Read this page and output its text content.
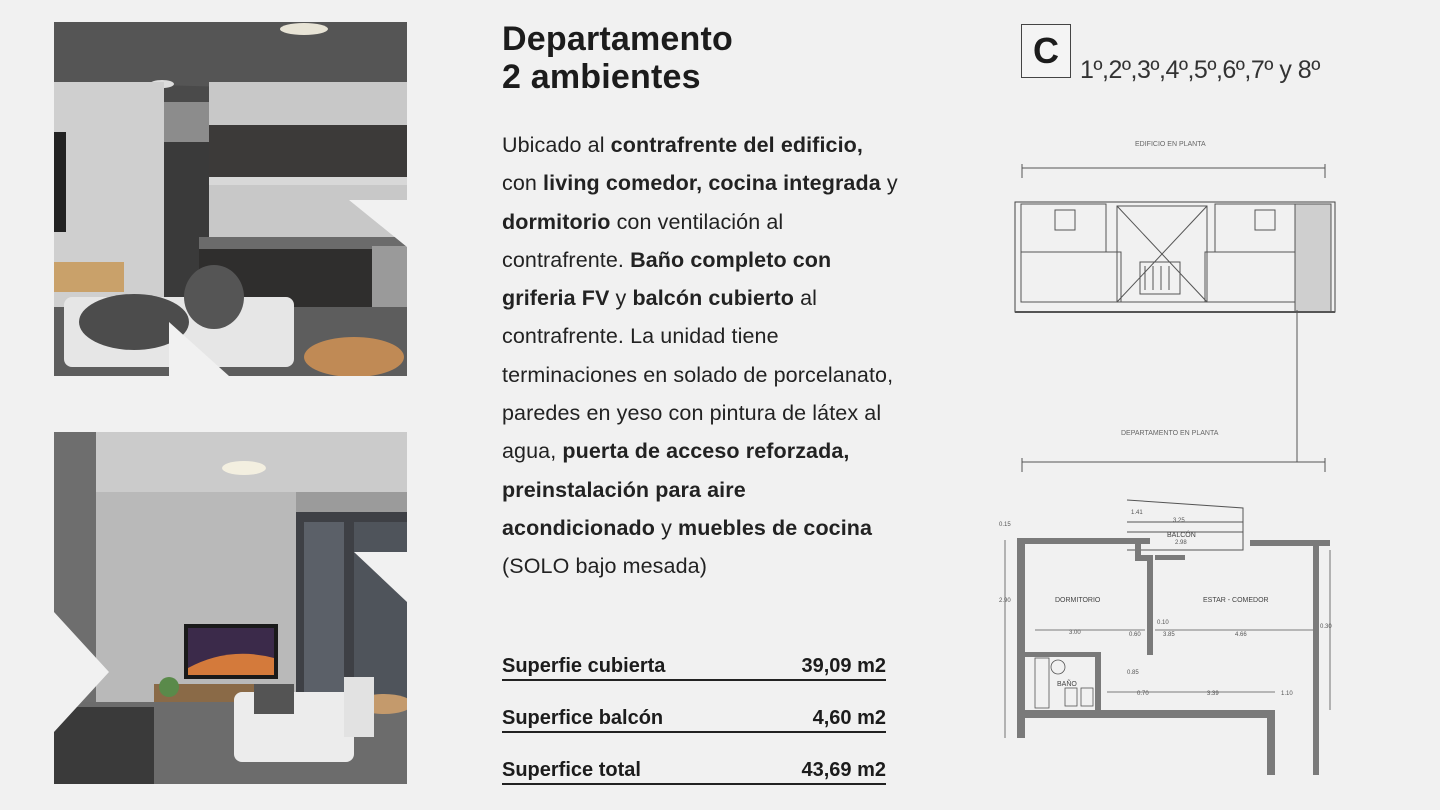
Departamento
2 ambientes
Ubicado al contrafrente del edificio, con living comedor, cocina integrada y dormitorio con ventilación al contrafrente. Baño completo con griferia FV y balcón cubierto al contrafrente. La unidad tiene terminaciones en solado de porcelanato, paredes en yeso con pintura de látex al agua, puerta de acceso reforzada, preinstalación para aire acondicionado y muebles de cocina (SOLO bajo mesada)
Superfie cubierta	39,09 m2
Superfice balcón	4,60 m2
Superfice total	43,69 m2
C 1º,2º,3º,4º,5º,6º,7º y 8º
EDIFICIO EN PLANTA
DEPARTAMENTO EN PLANTA
DORMITORIO	ESTAR - COMEDOR
BAÑO
BALCÓN
3.25
2.98
2.90
3.00	0.60
0.10
3.85	4.66
0.30
0.85
0.70	3.39	1.10
0.15
1.41
